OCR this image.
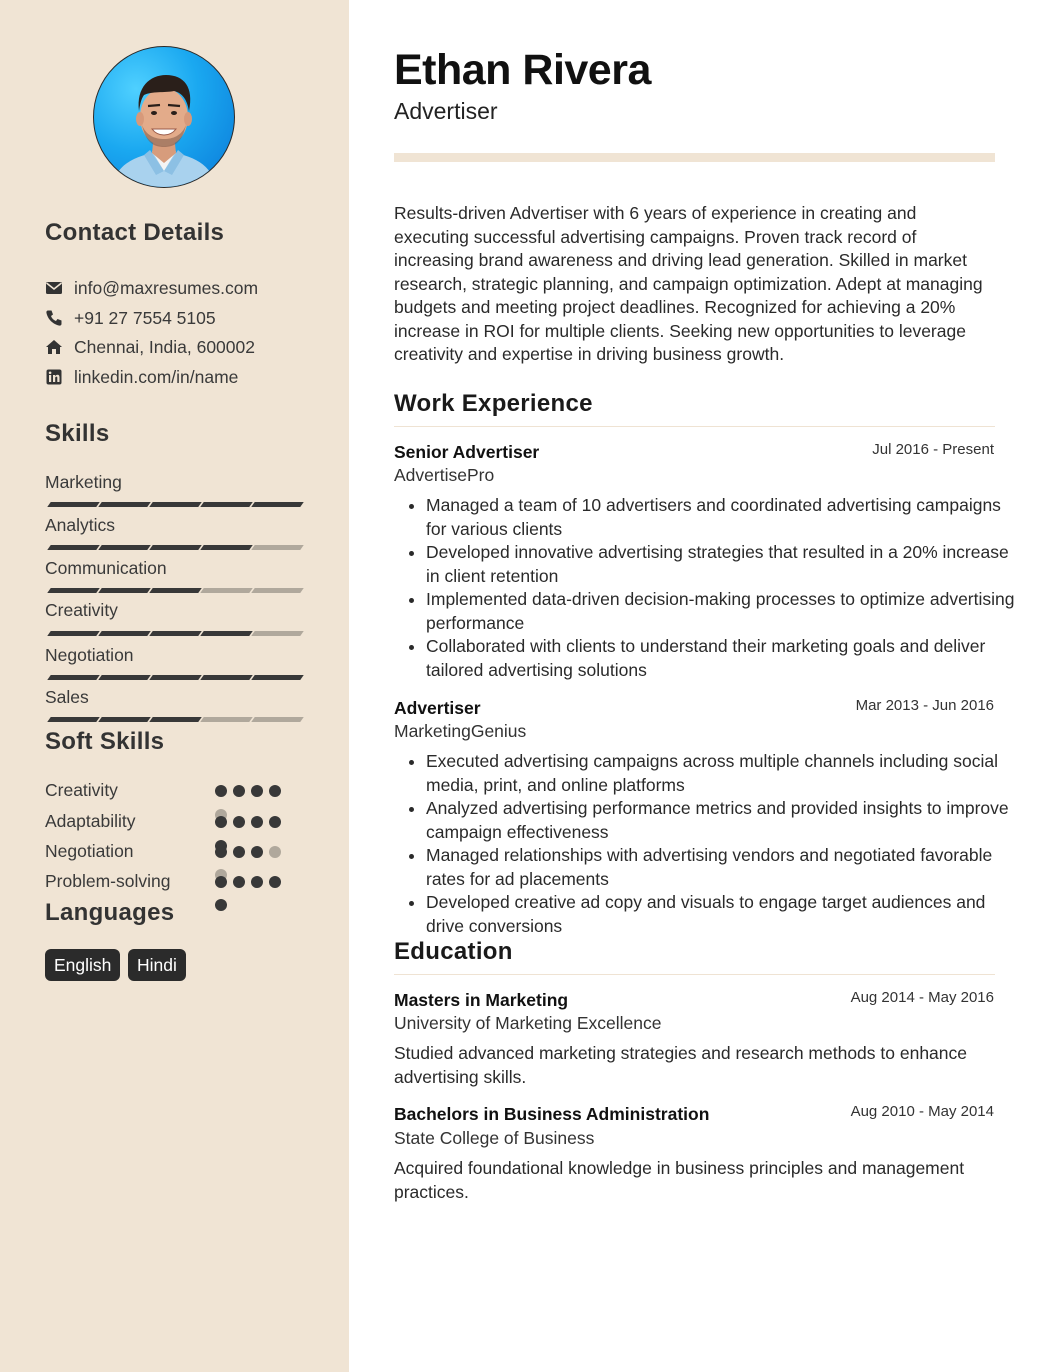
Contact Details
info@maxresumes.com
+91 27 7554 5105
Chennai, India, 600002
linkedin.com/in/name
Skills
Marketing
Analytics
Communication
Creativity
Negotiation
Sales
Soft Skills
Creativity
Adaptability
Negotiation
Problem-solving
Languages
English	Hindi
Ethan Rivera
Advertiser

Results-driven Advertiser with 6 years of experience in creating and executing successful advertising campaigns. Proven track record of increasing brand awareness and driving lead generation. Skilled in market research, strategic planning, and campaign optimization. Adept at managing budgets and meeting project deadlines. Recognized for achieving a 20% increase in ROI for multiple clients. Seeking new opportunities to leverage creativity and expertise in driving business growth.

Work Experience
Senior Advertiser	Jul 2016 - Present
AdvertisePro
• Managed a team of 10 advertisers and coordinated advertising campaigns for various clients
• Developed innovative advertising strategies that resulted in a 20% increase in client retention
• Implemented data-driven decision-making processes to optimize advertising performance
• Collaborated with clients to understand their marketing goals and deliver tailored advertising solutions
Advertiser	Mar 2013 - Jun 2016
MarketingGenius
• Executed advertising campaigns across multiple channels including social media, print, and online platforms
• Analyzed advertising performance metrics and provided insights to improve campaign effectiveness
• Managed relationships with advertising vendors and negotiated favorable rates for ad placements
• Developed creative ad copy and visuals to engage target audiences and drive conversions
Education
Masters in Marketing	Aug 2014 - May 2016
University of Marketing Excellence

Studied advanced marketing strategies and research methods to enhance advertising skills.

Bachelors in Business Administration	Aug 2010 - May 2014
State College of Business

Acquired foundational knowledge in business principles and management practices.
